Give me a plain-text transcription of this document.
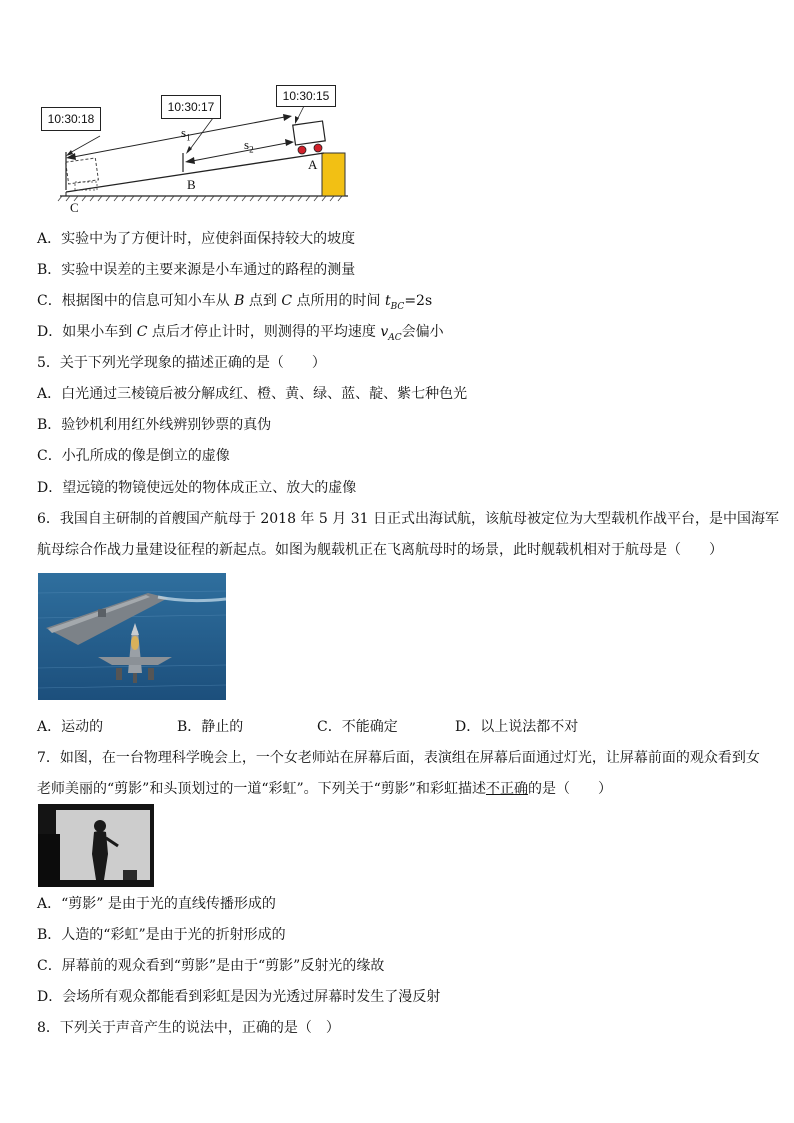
10:30:18
10:30:17
10:30:15
$s_1$	$s_2$
A
B
C
A．实验中为了方便计时，应使斜面保持较大的坡度
B．实验中误差的主要来源是小车通过的路程的测量
C．根据图中的信息可知小车从 B 点到 C 点所用的时间 $t_{BC}=2s$
D．如果小车到 C 点后才停止计时，则测得的平均速度 $v_{AC}$会偏小
5．关于下列光学现象的描述正确的是（　　）
A．白光通过三棱镜后被分解成红、橙、黄、绿、蓝、靛、紫七种色光
B．验钞机利用红外线辨别钞票的真伪
C．小孔所成的像是倒立的虚像
D．望远镜的物镜使远处的物体成正立、放大的虚像
6．我国自主研制的首艘国产航母于 2018 年 5 月 31 日正式出海试航，该航母被定位为大型载机作战平台，是中国海军
航母综合作战力量建设征程的新起点。如图为舰载机正在飞离航母时的场景，此时舰载机相对于航母是（　　）
A．运动的	B．静止的	C．不能确定	D．以上说法都不对
7．如图，在一台物理科学晚会上，一个女老师站在屏幕后面，表演组在屏幕后面通过灯光，让屏幕前面的观众看到女
老师美丽的“剪影”和头顶划过的一道“彩虹”。下列关于“剪影”和彩虹描述不正确的是（　　）
A．“剪影” 是由于光的直线传播形成的
B．人造的“彩虹”是由于光的折射形成的
C．屏幕前的观众看到“剪影”是由于“剪影”反射光的缘故
D．会场所有观众都能看到彩虹是因为光透过屏幕时发生了漫反射
8．下列关于声音产生的说法中，正确的是（　）
